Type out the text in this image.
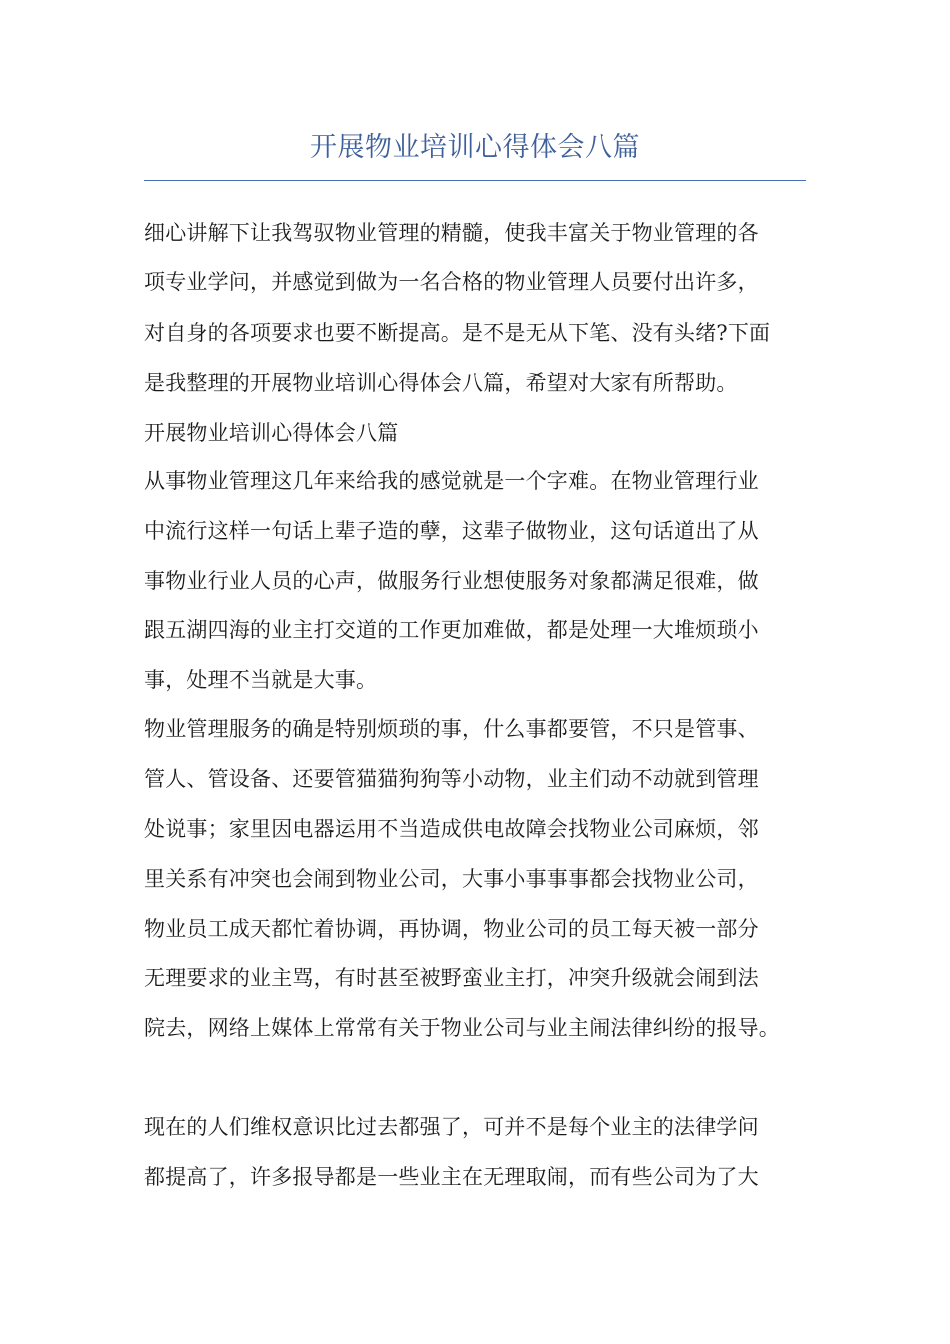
开展物业培训心得体会八篇
细心讲解下让我驾驭物业管理的精髓，使我丰富关于物业管理的各
项专业学问，并感觉到做为一名合格的物业管理人员要付出许多，
对自身的各项要求也要不断提高。是不是无从下笔、没有头绪?下面
是我整理的开展物业培训心得体会八篇，希望对大家有所帮助。
开展物业培训心得体会八篇
从事物业管理这几年来给我的感觉就是一个字难。在物业管理行业
中流行这样一句话上辈子造的孽，这辈子做物业，这句话道出了从
事物业行业人员的心声，做服务行业想使服务对象都满足很难，做
跟五湖四海的业主打交道的工作更加难做，都是处理一大堆烦琐小
事，处理不当就是大事。
物业管理服务的确是特别烦琐的事，什么事都要管，不只是管事、
管人、管设备、还要管猫猫狗狗等小动物，业主们动不动就到管理
处说事；家里因电器运用不当造成供电故障会找物业公司麻烦，邻
里关系有冲突也会闹到物业公司，大事小事事事都会找物业公司，
物业员工成天都忙着协调，再协调，物业公司的员工每天被一部分
无理要求的业主骂，有时甚至被野蛮业主打，冲突升级就会闹到法
院去，网络上媒体上常常有关于物业公司与业主闹法律纠纷的报导。
现在的人们维权意识比过去都强了，可并不是每个业主的法律学问
都提高了，许多报导都是一些业主在无理取闹，而有些公司为了大
